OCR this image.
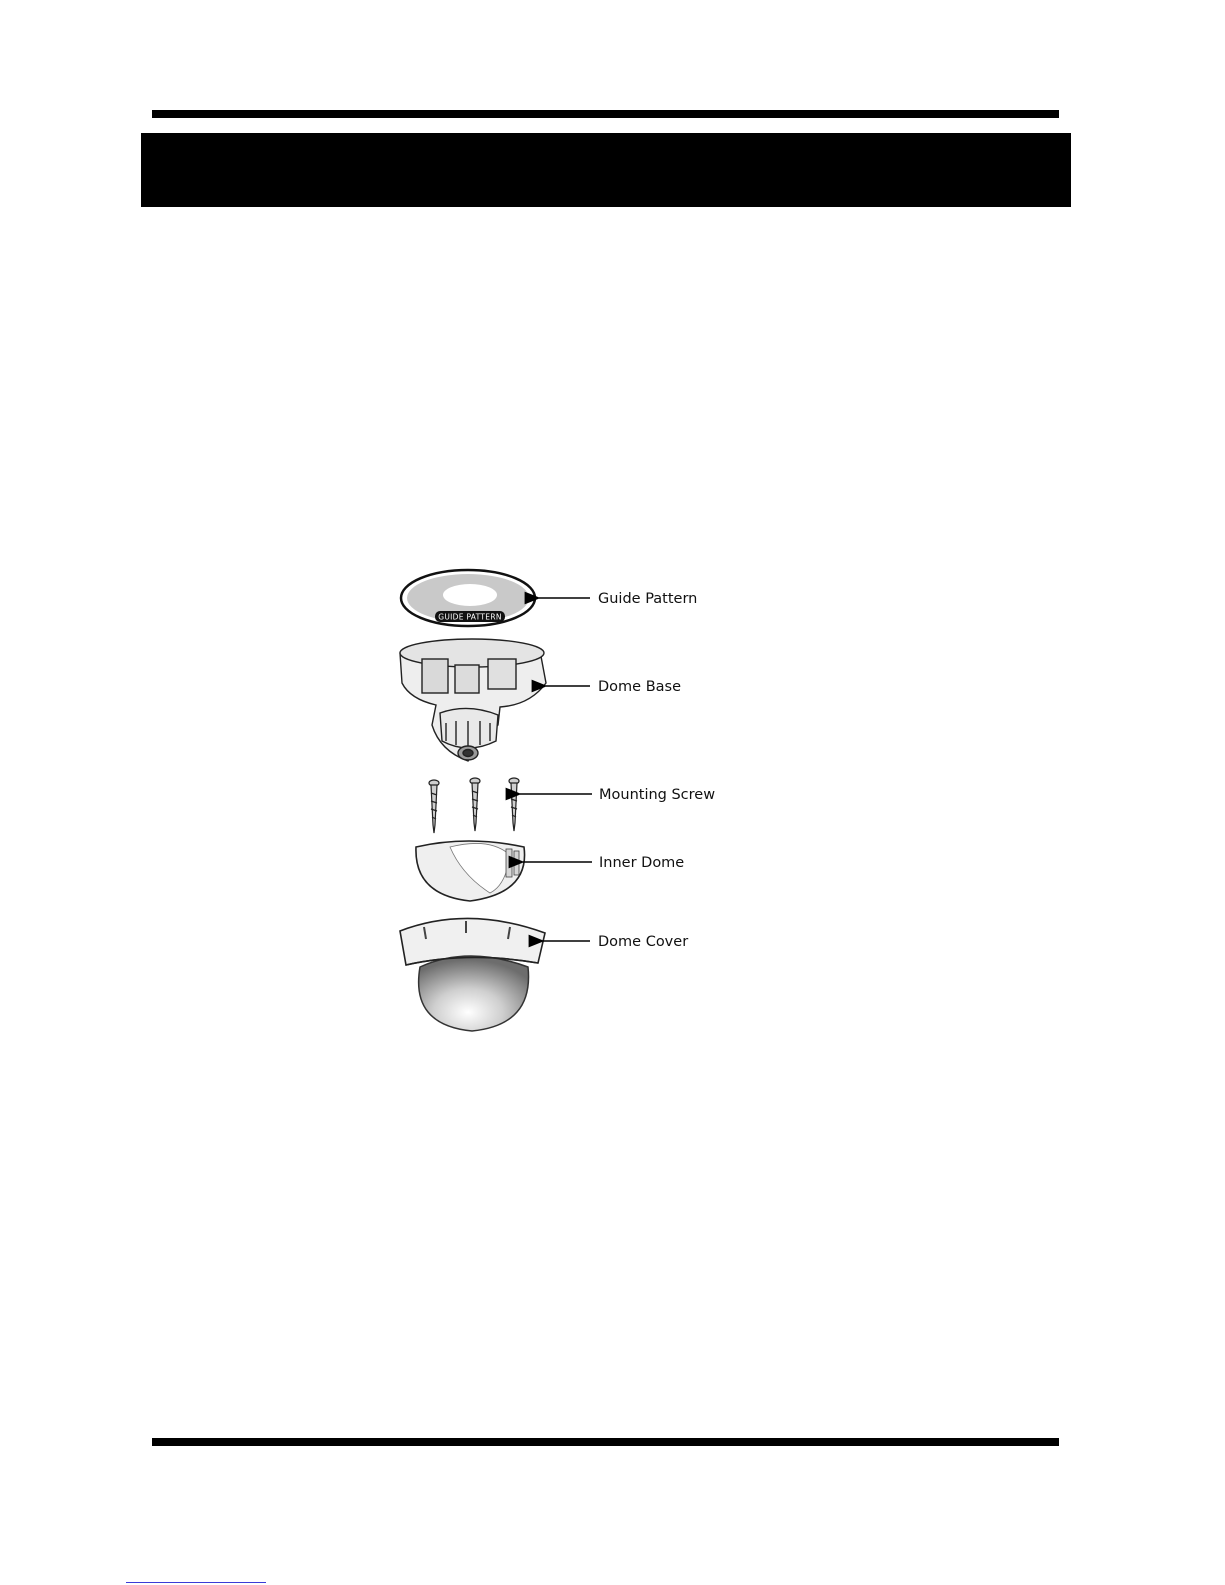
GUIDE PATTERN
Guide Pattern
Dome Base
Mounting Screw
Inner Dome
Dome Cover
